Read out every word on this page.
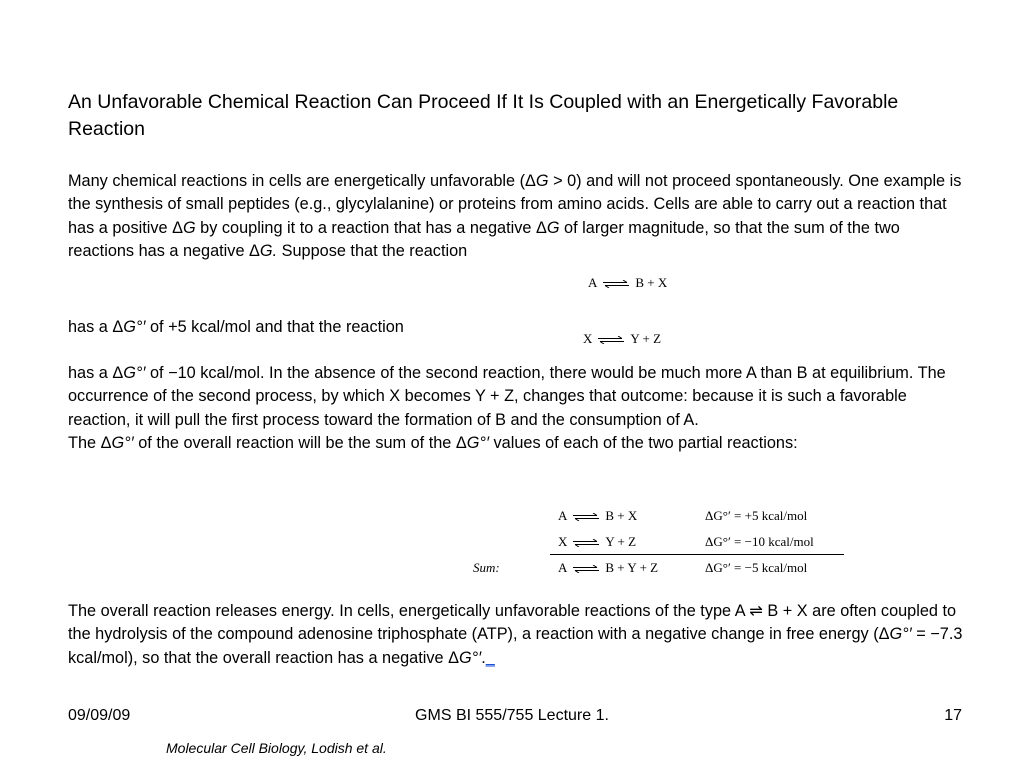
An Unfavorable Chemical Reaction Can Proceed If It Is Coupled with an Energetically Favorable Reaction
Many chemical reactions in cells are energetically unfavorable (ΔG > 0) and will not proceed spontaneously. One example is the synthesis of small peptides (e.g., glycylalanine) or proteins from amino acids. Cells are able to carry out a reaction that has a positive ΔG by coupling it to a reaction that has a negative ΔG of larger magnitude, so that the sum of the two reactions has a negative ΔG. Suppose that the reaction
has a ΔG°′ of +5 kcal/mol and that the reaction
has a ΔG°′ of −10 kcal/mol. In the absence of the second reaction, there would be much more A than B at equilibrium. The occurrence of the second process, by which X becomes Y + Z, changes that outcome: because it is such a favorable reaction, it will pull the first process toward the formation of B and the consumption of A.
The ΔG°′ of the overall reaction will be the sum of the ΔG°′ values of each of the two partial reactions:
A ⇌ B + X
X ⇌ Y + Z
A ⇌ B + X	ΔG°′ = +5 kcal/mol
X ⇌ Y + Z	ΔG°′ = −10 kcal/mol
Sum:	A ⇌ B + Y + Z	ΔG°′ = −5 kcal/mol
The overall reaction releases energy. In cells, energetically unfavorable reactions of the type A ⇌ B + X are often coupled to the hydrolysis of the compound adenosine triphosphate (ATP), a reaction with a negative change in free energy (ΔG°′ = −7.3 kcal/mol), so that the overall reaction has a negative ΔG°′._
09/09/09	GMS BI 555/755 Lecture 1.	17
Molecular Cell Biology, Lodish et al.
